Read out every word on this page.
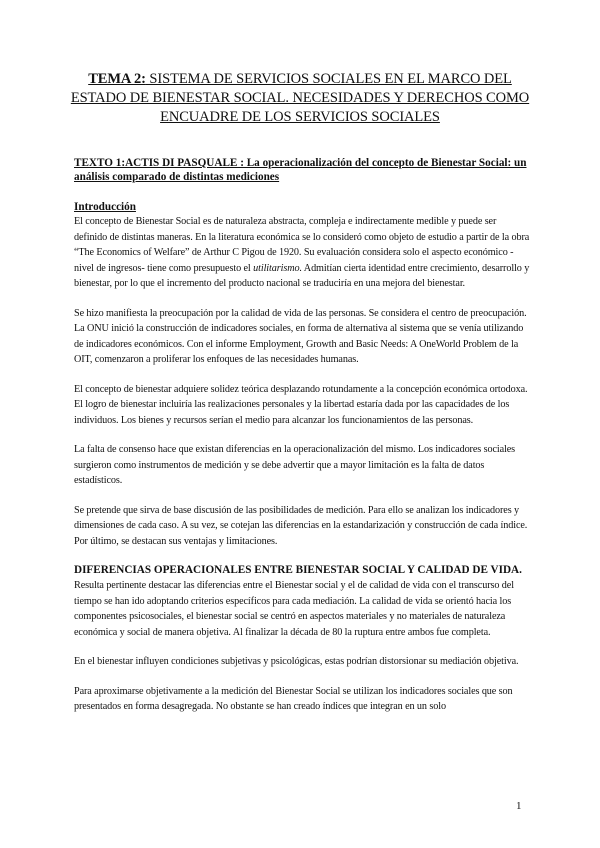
TEMA 2: SISTEMA DE SERVICIOS SOCIALES EN EL MARCO DEL ESTADO DE BIENESTAR SOCIAL. NECESIDADES Y DERECHOS COMO ENCUADRE DE LOS SERVICIOS SOCIALES

TEXTO 1:ACTIS DI PASQUALE : La operacionalización del concepto de Bienestar Social: un análisis comparado de distintas mediciones

Introducción

El concepto de Bienestar Social es de naturaleza abstracta, compleja e indirectamente medible y puede ser definido de distintas maneras. En la literatura económica se lo consideró como objeto de estudio a partir de la obra “The Economics of Welfare” de Arthur C Pigou de 1920. Su evaluación considera solo el aspecto económico -nivel de ingresos- tiene como presupuesto el utilitarismo. Admitían cierta identidad entre crecimiento, desarrollo y bienestar, por lo que el incremento del producto nacional se traduciría en una mejora del bienestar.

Se hizo manifiesta la preocupación por la calidad de vida de las personas. Se considera el centro de preocupación. La ONU inició la construcción de indicadores sociales, en forma de alternativa al sistema que se venía utilizando de indicadores económicos. Con el informe Employment, Growth and Basic Needs: A OneWorld Problem de la OIT, comenzaron a proliferar los enfoques de las necesidades humanas.

El concepto de bienestar adquiere solidez teórica desplazando rotundamente a la concepción económica ortodoxa. El logro de bienestar incluiría las realizaciones personales y la libertad estaría dada por las capacidades de los individuos. Los bienes y recursos serían el medio para alcanzar los funcionamientos de las personas.

La falta de consenso hace que existan diferencias en la operacionalización del mismo. Los indicadores sociales surgieron como instrumentos de medición y se debe advertir que a mayor limitación es la falta de datos estadísticos.

Se pretende que sirva de base discusión de las posibilidades de medición. Para ello se analizan los indicadores y dimensiones de cada caso. A su vez, se cotejan las diferencias en la estandarización y construcción de cada índice. Por último, se destacan sus ventajas y limitaciones.

DIFERENCIAS OPERACIONALES ENTRE BIENESTAR SOCIAL Y CALIDAD DE VIDA.

Resulta pertinente destacar las diferencias entre el Bienestar social y el de calidad de vida con el transcurso del tiempo se han ido adoptando criterios específicos para cada mediación. La calidad de vida se orientó hacia los componentes psicosociales, el bienestar social se centró en aspectos materiales y no materiales de naturaleza económica y social de manera objetiva. Al finalizar la década de 80 la ruptura entre ambos fue completa.

En el bienestar influyen condiciones subjetivas y psicológicas, estas podrían distorsionar su mediación objetiva.

Para aproximarse objetivamente a la medición del Bienestar Social se utilizan los indicadores sociales que son presentados en forma desagregada. No obstante se han creado índices que integran en un solo

1
